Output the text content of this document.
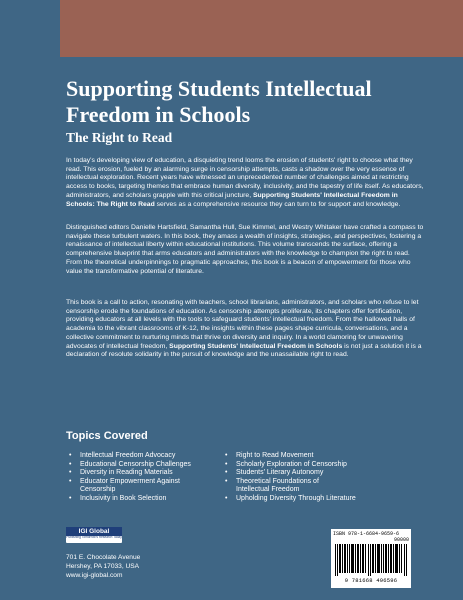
Supporting Students Intellectual Freedom in Schools
The Right to Read
In today's developing view of education, a disquieting trend looms the erosion of students' right to choose what they read. This erosion, fueled by an alarming surge in censorship attempts, casts a shadow over the very essence of intellectual exploration. Recent years have witnessed an unprecedented number of challenges aimed at restricting access to books, targeting themes that embrace human diversity, inclusivity, and the tapestry of life itself. As educators, administrators, and scholars grapple with this critical juncture, Supporting Students' Intellectual Freedom in Schools: The Right to Read serves as a comprehensive resource they can turn to for support and knowledge.
Distinguished editors Danielle Hartsfield, Samantha Hull, Sue Kimmel, and Westry Whitaker have crafted a compass to navigate these turbulent waters. In this book, they amass a wealth of insights, strategies, and perspectives, fostering a renaissance of intellectual liberty within educational institutions. This volume transcends the surface, offering a comprehensive blueprint that arms educators and administrators with the knowledge to champion the right to read. From the theoretical underpinnings to pragmatic approaches, this book is a beacon of empowerment for those who value the transformative potential of literature.
This book is a call to action, resonating with teachers, school librarians, administrators, and scholars who refuse to let censorship erode the foundations of education. As censorship attempts proliferate, its chapters offer fortification, providing educators at all levels with the tools to safeguard students' intellectual freedom. From the hallowed halls of academia to the vibrant classrooms of K-12, the insights within these pages shape curricula, conversations, and a collective commitment to nurturing minds that thrive on diversity and inquiry. In a world clamoring for unwavering advocates of intellectual freedom, Supporting Students' Intellectual Freedom in Schools is not just a solution it is a declaration of resolute solidarity in the pursuit of knowledge and the unassailable right to read.
Topics Covered
• Intellectual Freedom Advocacy
• Educational Censorship Challenges
• Diversity in Reading Materials
• Educator Empowerment Against Censorship
• Inclusivity in Book Selection
• Right to Read Movement
• Scholarly Exploration of Censorship
• Students' Literary Autonomy
• Theoretical Foundations of Intellectual Freedom
• Upholding Diversity Through Literature
IGI Global
Publishing Tomorrow's Research Today
701 E. Chocolate Avenue
Hershey, PA 17033, USA
www.igi-global.com
ISBN 978-1-6684-9659-6
90000
9 781668 496596
